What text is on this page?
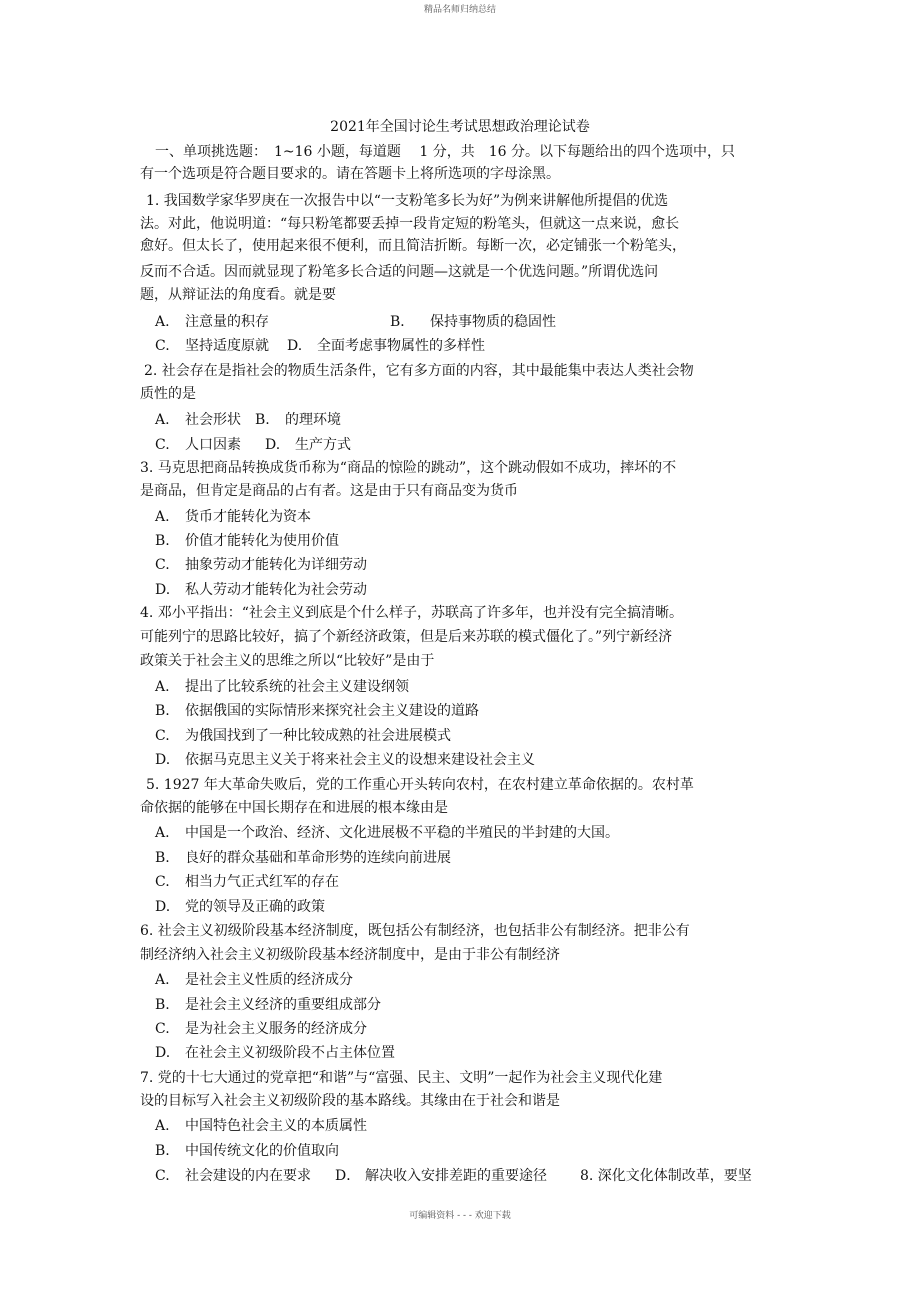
精品名师归纳总结
2021年全国讨论生考试思想政治理论试卷
一、单项挑选题：　1~16 小题，每道题　 1 分，共　16 分。以下每题给出的四个选项中，只
有一个选项是符合题目要求的。请在答题卡上将所选项的字母涂黑。
1. 我国数学家华罗庚在一次报告中以“一支粉笔多长为好”为例来讲解他所提倡的优选
法。对此，他说明道：“每只粉笔都要丢掉一段肯定短的粉笔头，但就这一点来说，愈长
愈好。但太长了，使用起来很不便利，而且简洁折断。每断一次，必定铺张一个粉笔头，
反而不合适。因而就显现了粉笔多长合适的问题—这就是一个优选问题。”所谓优选问
题，从辩证法的角度看。就是要
A. 注意量的积存	B． 保持事物质的稳固性
C. 坚持适度原就 D. 全面考虑事物属性的多样性
2. 社会存在是指社会的物质生活条件，它有多方面的内容，其中最能集中表达人类社会物
质性的是
A. 社会形状 B. 的理环境
C. 人口因素 D. 生产方式
3. 马克思把商品转换成货币称为“商品的惊险的跳动”，这个跳动假如不成功，摔坏的不
是商品，但肯定是商品的占有者。这是由于只有商品变为货币
A. 货币才能转化为资本
B. 价值才能转化为使用价值
C. 抽象劳动才能转化为详细劳动
D. 私人劳动才能转化为社会劳动
4. 邓小平指出：“社会主义到底是个什么样子，苏联高了许多年，也并没有完全搞清晰。
可能列宁的思路比较好，搞了个新经济政策，但是后来苏联的模式僵化了。”列宁新经济
政策关于社会主义的思维之所以“比较好”是由于
A. 提出了比较系统的社会主义建设纲领
B. 依据俄国的实际情形来探究社会主义建设的道路
C. 为俄国找到了一种比较成熟的社会进展模式
D. 依据马克思主义关于将来社会主义的设想来建设社会主义
5. 1927 年大革命失败后，党的工作重心开头转向农村，在农村建立革命依据的。农村革
命依据的能够在中国长期存在和进展的根本缘由是
A. 中国是一个政治、经济、文化进展极不平稳的半殖民的半封建的大国。
B. 良好的群众基础和革命形势的连续向前进展
C. 相当力气正式红军的存在
D. 党的领导及正确的政策
6. 社会主义初级阶段基本经济制度，既包括公有制经济，也包括非公有制经济。把非公有
制经济纳入社会主义初级阶段基本经济制度中，是由于非公有制经济
A. 是社会主义性质的经济成分
B. 是社会主义经济的重要组成部分
C. 是为社会主义服务的经济成分
D. 在社会主义初级阶段不占主体位置
7. 党的十七大通过的党章把“和谐”与“富强、民主、文明”一起作为社会主义现代化建
设的目标写入社会主义初级阶段的基本路线。其缘由在于社会和谐是
A. 中国特色社会主义的本质属性
B. 中国传统文化的价值取向
C. 社会建设的内在要求 D． 解决收入安排差距的重要途径 8. 深化文化体制改革，要坚
可编辑资料 - - - 欢迎下载
